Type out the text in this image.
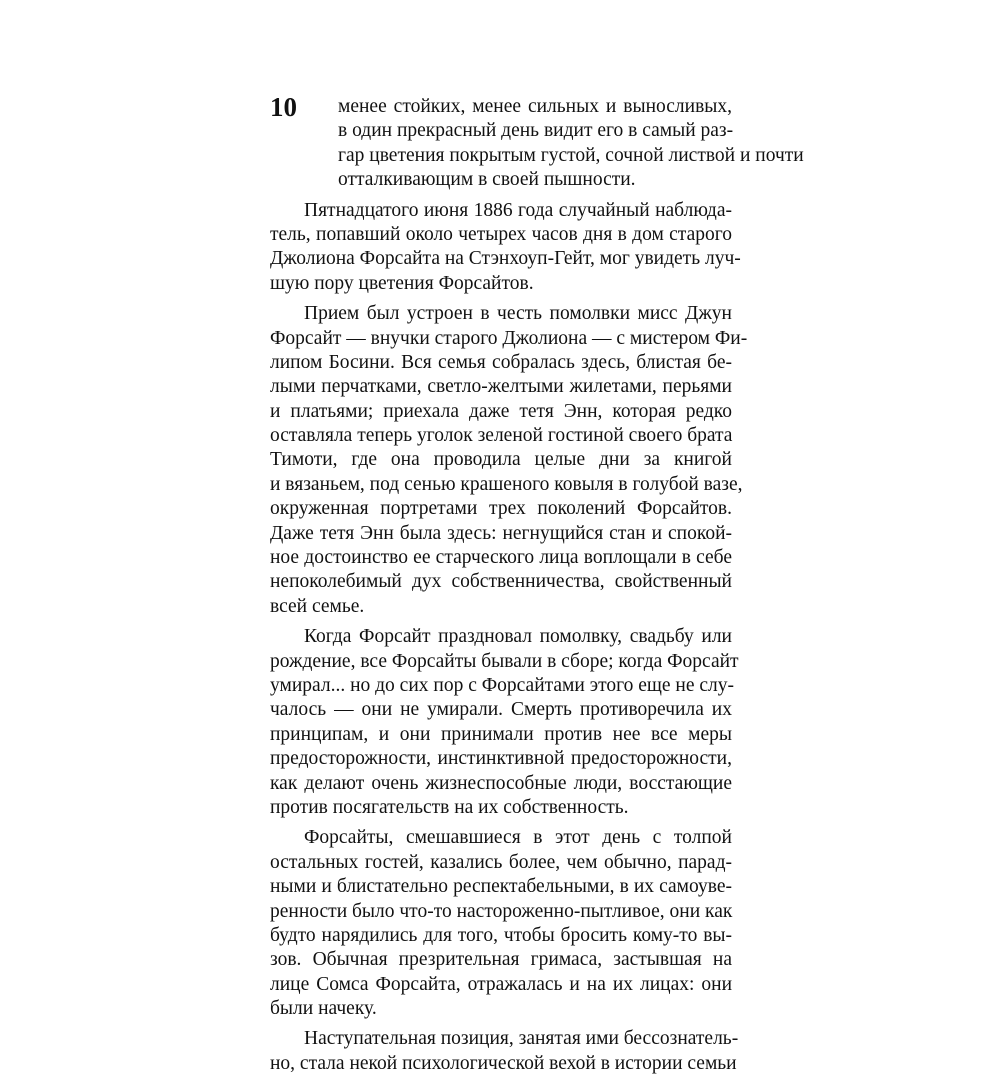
10 менее стойких, менее сильных и выносливых,
в один прекрасный день видит его в самый раз-
гар цветения покрытым густой, сочной листвой и почти
отталкивающим в своей пышности.
Пятнадцатого июня 1886 года случайный наблюда-
тель, попавший около четырех часов дня в дом старого
Джолиона Форсайта на Стэнхоуп-Гейт, мог увидеть луч-
шую пору цветения Форсайтов.
Прием был устроен в честь помолвки мисс Джун
Форсайт — внучки старого Джолиона — с мистером Фи-
липом Босини. Вся семья собралась здесь, блистая бе-
лыми перчатками, светло-желтыми жилетами, перьями
и платьями; приехала даже тетя Энн, которая редко
оставляла теперь уголок зеленой гостиной своего брата
Тимоти, где она проводила целые дни за книгой
и вязаньем, под сенью крашеного ковыля в голубой вазе,
окруженная портретами трех поколений Форсайтов.
Даже тетя Энн была здесь: негнущийся стан и спокой-
ное достоинство ее старческого лица воплощали в себе
непоколебимый дух собственничества, свойственный
всей семье.
Когда Форсайт праздновал помолвку, свадьбу или
рождение, все Форсайты бывали в сборе; когда Форсайт
умирал... но до сих пор с Форсайтами этого еще не слу-
чалось — они не умирали. Смерть противоречила их
принципам, и они принимали против нее все меры
предосторожности, инстинктивной предосторожности,
как делают очень жизнеспособные люди, восстающие
против посягательств на их собственность.
Форсайты, смешавшиеся в этот день с толпой
остальных гостей, казались более, чем обычно, парад-
ными и блистательно респектабельными, в их самоуве-
ренности было что-то настороженно-пытливое, они как
будто нарядились для того, чтобы бросить кому-то вы-
зов. Обычная презрительная гримаса, застывшая на
лице Сомса Форсайта, отражалась и на их лицах: они
были начеку.
Наступательная позиция, занятая ими бессознатель-
но, стала некой психологической вехой в истории семьи
